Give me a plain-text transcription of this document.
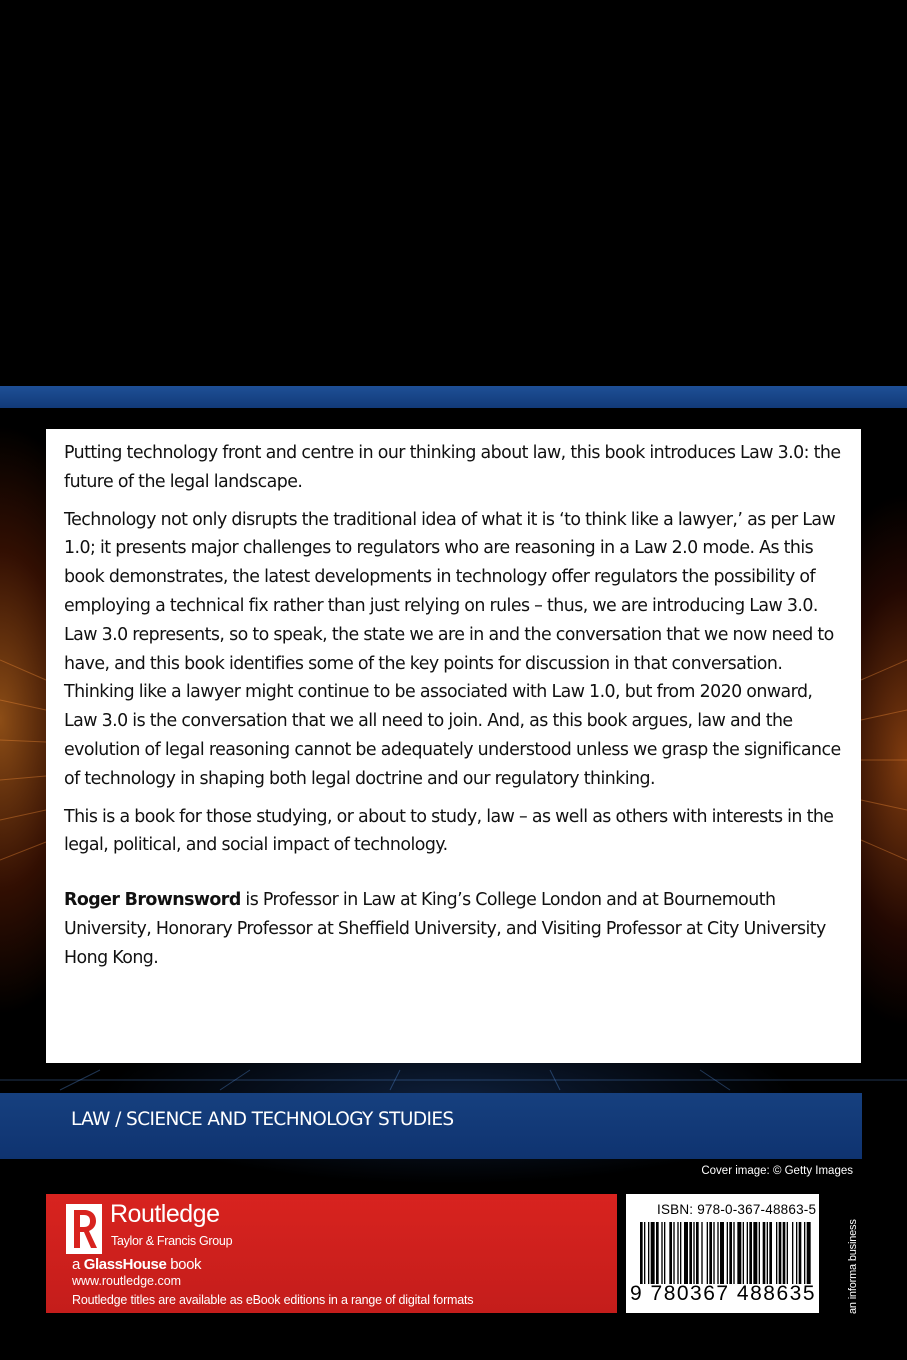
Putting technology front and centre in our thinking about law, this book introduces Law 3.0: the future of the legal landscape.

Technology not only disrupts the traditional idea of what it is ‘to think like a lawyer,’ as per Law 1.0; it presents major challenges to regulators who are reasoning in a Law 2.0 mode. As this book demonstrates, the latest developments in technology offer regulators the possibility of employing a technical fix rather than just relying on rules – thus, we are introducing Law 3.0. Law 3.0 represents, so to speak, the state we are in and the conversation that we now need to have, and this book identifies some of the key points for discussion in that conversation. Thinking like a lawyer might continue to be associated with Law 1.0, but from 2020 onward, Law 3.0 is the conversation that we all need to join. And, as this book argues, law and the evolution of legal reasoning cannot be adequately understood unless we grasp the significance of technology in shaping both legal doctrine and our regulatory thinking.

This is a book for those studying, or about to study, law – as well as others with interests in the legal, political, and social impact of technology.

Roger Brownsword is Professor in Law at King’s College London and at Bournemouth University, Honorary Professor at Sheffield University, and Visiting Professor at City University Hong Kong.

LAW / SCIENCE AND TECHNOLOGY STUDIES
Cover image: © Getty Images
Routledge
Taylor & Francis Group
a GlassHouse book
www.routledge.com
Routledge titles are available as eBook editions in a range of digital formats
ISBN: 978-0-367-48863-5
9 780367 488635	an informa business
